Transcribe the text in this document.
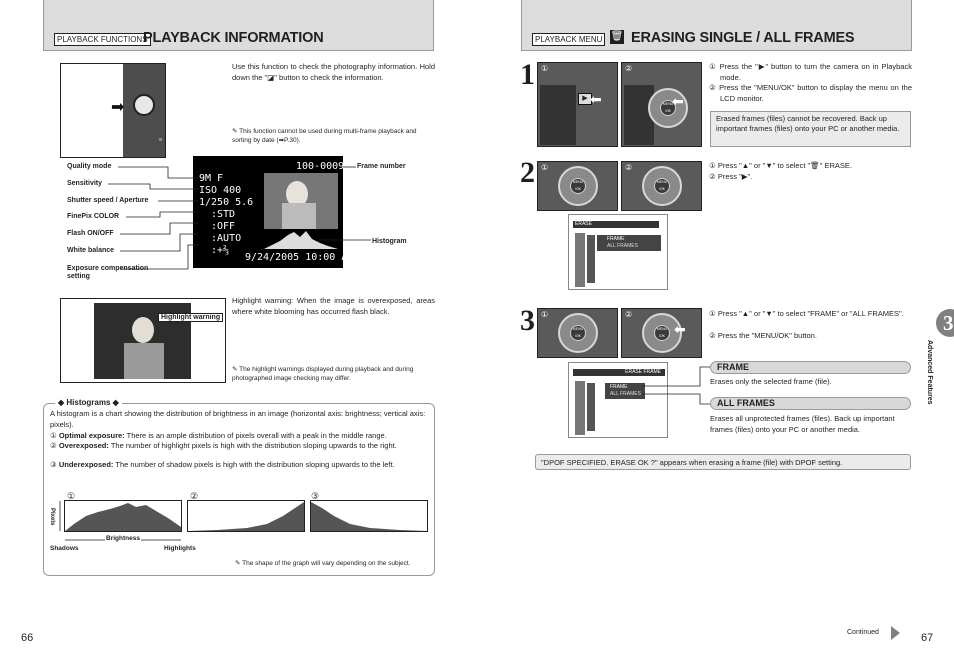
PLAYBACK FUNCTIONS
PLAYBACK INFORMATION
➡
Use this function to check the photography information. Hold down the "◪" button to check the information.
✎ This function cannot be used during multi-frame playback and sorting by date (➡P.30).
9M F
ISO 400
1/250 5.6
:STD
:OFF
:AUTO
:+⅔
100-0009
9/24/2005 10:00 AM
Quality mode
Sensitivity
Shutter speed / Aperture
FinePix COLOR
Flash ON/OFF
White balance
Exposure compensation setting
Frame number
Histogram
Highlight warning
Highlight warning: When the image is overexposed, areas where white blooming has occurred flash black.
✎ The highlight warnings displayed during playback and during photographed image checking may differ.
◆ Histograms ◆
A histogram is a chart showing the distribution of brightness in an image (horizontal axis: brightness; vertical axis: pixels).
① Optimal exposure: There is an ample distribution of pixels overall with a peak in the middle range.
② Overexposed: The number of highlight pixels is high with the distribution sloping upwards to the right.
③ Underexposed: The number of shadow pixels is high with the distribution sloping upwards to the left.
①	②	③
Pixels
Brightness
Shadows	Highlights
✎ The shape of the graph will vary depending on the subject.
66
PLAYBACK MENU 🗑 ERASING SINGLE / ALL FRAMES
1
▶ ⬅	MENU /OK
⬅
①	②	① Press the "▶" button to turn the camera on in Playback mode.
② Press the "MENU/OK" button to display the menu on the LCD monitor.
Erased frames (files) cannot be recovered. Back up important frames (files) onto your PC or another media.
2	MENU /OK
MENU /OK
①	②
ERASE
FRAME
ALL FRAMES
① Press "▲" or "▼" to select "🗑" ERASE.
② Press "▶".
3	MENU /OK
MENU /OK ⬅
①	②
ERASE FRAME
FRAME
ALL FRAMES
① Press "▲" or "▼" to select "FRAME" or "ALL FRAMES".
② Press the "MENU/OK" button.
FRAME
Erases only the selected frame (file).
ALL FRAMES
Erases all unprotected frames (files). Back up important frames (files) onto your PC or another media.
"DPOF SPECIFIED. ERASE OK ?" appears when erasing a frame (file) with DPOF setting.
3
Advanced Features
Continued	67
